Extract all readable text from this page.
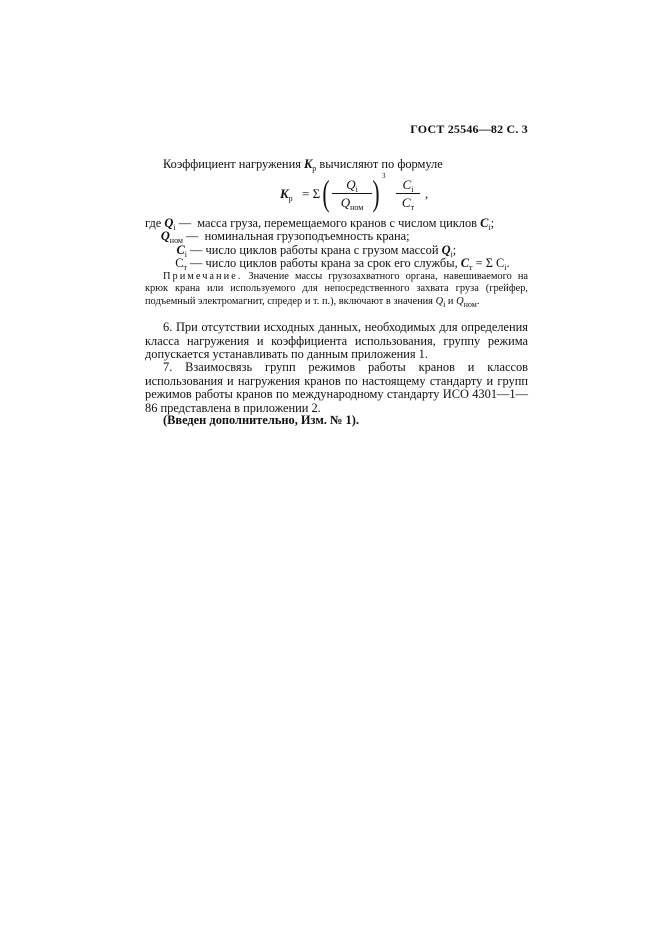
ГОСТ 25546—82 С. 3
Коэффициент нагружения $K_р$ вычисляют по формуле
$K_р = \Sigma$ (	$Q_i$
$Q_{ном}$ ) 3
$C_i$
$C_т$
,
где $Q_i$ — масса груза, перемещаемого кранов с числом циклов $C_i$;
$Q_{ном}$ — номинальная грузоподъемность крана;
$C_i$ — число циклов работы крана с грузом массой $Q_i$;
$C_т$ — число циклов работы крана за срок его службы, $C_т = \Sigma$ $C_i$.
Примечание. Значение массы грузозахватного органа, навешиваемого на крюк крана или используемого для непосредственного захвата груза (грейфер, подъемный электромагнит, спредер и т. п.), включают в значения $Q_i$ и $Q_{ном}$.
6. При отсутствии исходных данных, необходимых для определения класса нагружения и коэффициента использования, группу режима допускается устанавливать по данным приложения 1.
7. Взаимосвязь групп режимов работы кранов и классов использования и нагружения кранов по настоящему стандарту и групп режимов работы кранов по международному стандарту ИСО 4301—1—86 представлена в приложении 2.
(Введен дополнительно, Изм. № 1).
